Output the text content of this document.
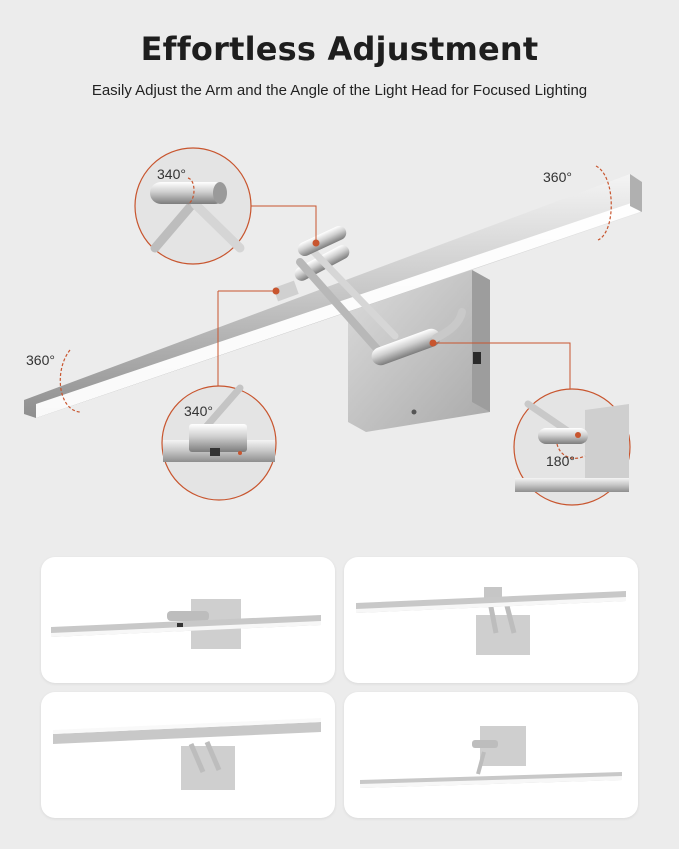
Effortless Adjustment
Easily Adjust the Arm and the Angle of the Light Head for Focused Lighting
340°	360°
360°
340°
180°
